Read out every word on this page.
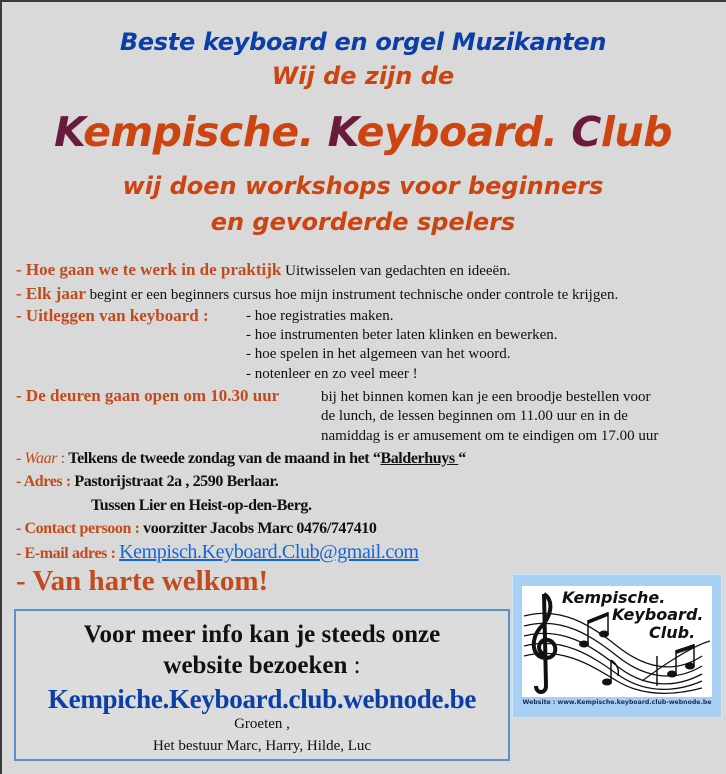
Beste keyboard en orgel Muzikanten
Wij de zijn de
Kempische. Keyboard. Club
wij doen workshops voor beginners
en gevorderde spelers
- Hoe gaan we te werk in de praktijk Uitwisselen van gedachten en ideeën.
- Elk jaar begint er een beginners cursus hoe mijn instrument technische onder controle te krijgen.
- Uitleggen van keyboard : - hoe registraties maken.
- hoe instrumenten beter laten klinken en bewerken.
- hoe spelen in het algemeen van het woord.
- notenleer en zo veel meer !
- De deuren gaan open om 10.30 uur	bij het binnen komen kan je een broodje bestellen voor
de lunch, de lessen beginnen om 11.00 uur en in de
namiddag is er amusement om te eindigen om 17.00 uur
- Waar : Telkens de tweede zondag van de maand in het “Balderhuys “
- Adres : Pastorijstraat 2a , 2590 Berlaar.
Tussen Lier en Heist-op-den-Berg.
- Contact persoon : voorzitter Jacobs Marc 0476/747410
- E-mail adres : Kempisch.Keyboard.Club@gmail.com
- Van harte welkom!
Voor meer info kan je steeds onze
website bezoeken :
Kempiche.Keyboard.club.webnode.be
Groeten ,
Het bestuur Marc, Harry, Hilde, Luc
Kempische.
Keyboard.
Club.
Website : www.Kempische.keyboard.club-webnode.be
